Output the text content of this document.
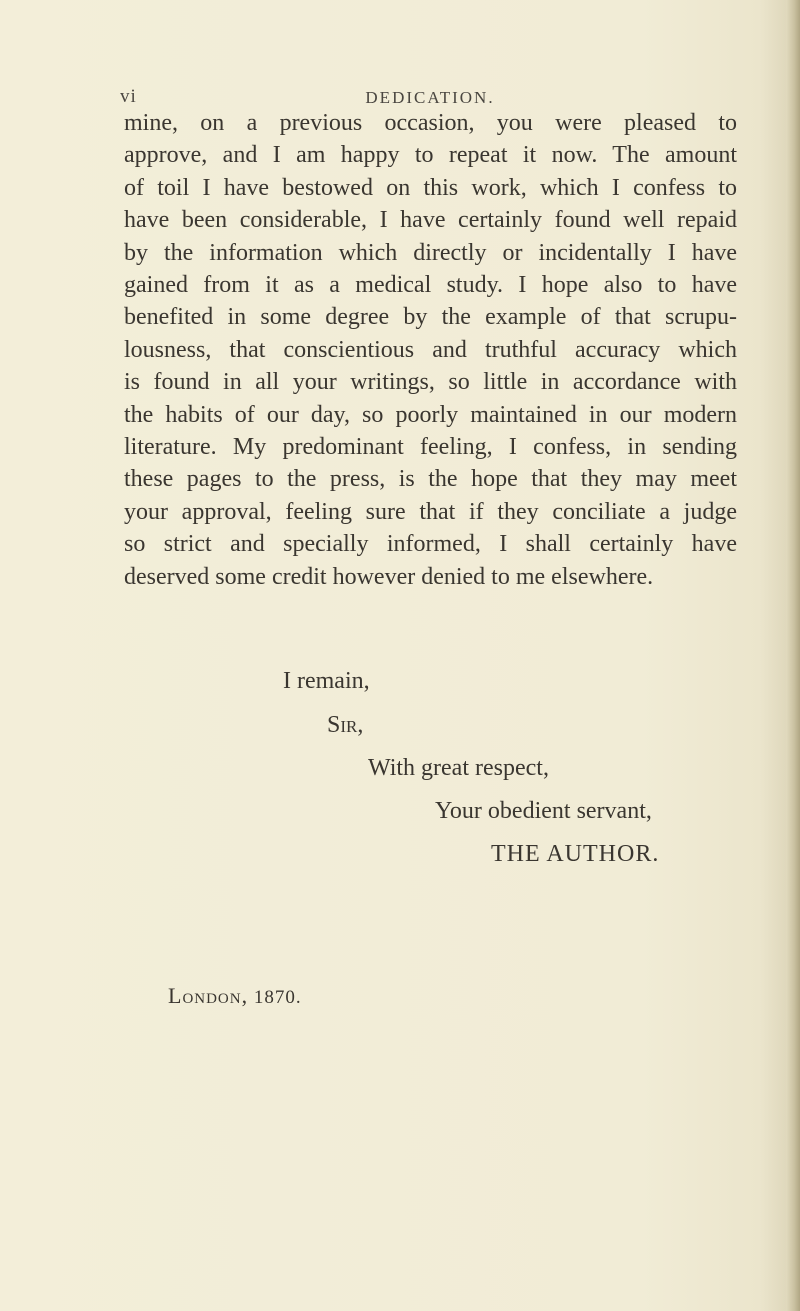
vi	DEDICATION.
mine, on a previous occasion, you were pleased to
approve, and I am happy to repeat it now. The amount
of toil I have bestowed on this work, which I confess to
have been considerable, I have certainly found well repaid
by the information which directly or incidentally I have
gained from it as a medical study. I hope also to have
benefited in some degree by the example of that scrupu-
lousness, that conscientious and truthful accuracy which
is found in all your writings, so little in accordance with
the habits of our day, so poorly maintained in our modern
literature. My predominant feeling, I confess, in sending
these pages to the press, is the hope that they may meet
your approval, feeling sure that if they conciliate a judge
so strict and specially informed, I shall certainly have
deserved some credit however denied to me elsewhere.
I remain,
Sir,
With great respect,
Your obedient servant,
THE AUTHOR.
London, 1870.
